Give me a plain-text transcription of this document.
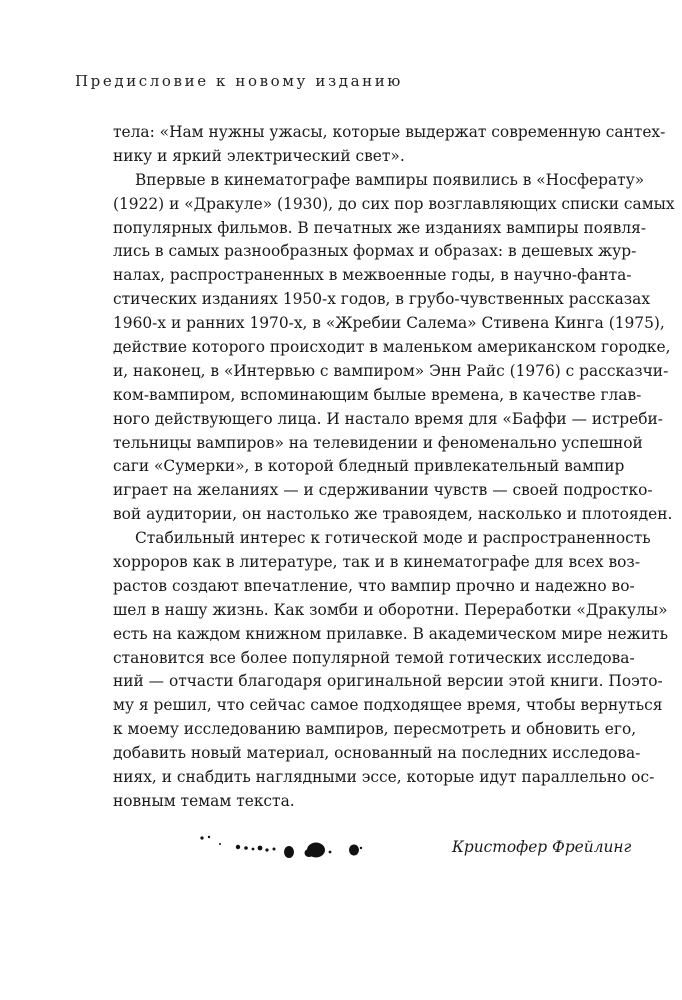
Предисловие к новому изданию
тела: «Нам нужны ужасы, которые выдержат современную сантех-
нику и яркий электрический свет».
Впервые в кинематографе вампиры появились в «Носферату»
(1922) и «Дракуле» (1930), до сих пор возглавляющих списки самых
популярных фильмов. В печатных же изданиях вампиры появля-
лись в самых разнообразных формах и образах: в дешевых жур-
налах, распространенных в межвоенные годы, в научно-фанта-
стических изданиях 1950-х годов, в грубо-чувственных рассказах
1960-х и ранних 1970-х, в «Жребии Салема» Стивена Кинга (1975),
действие которого происходит в маленьком американском городке,
и, наконец, в «Интервью с вампиром» Энн Райс (1976) с рассказчи-
ком-вампиром, вспоминающим былые времена, в качестве глав-
ного действующего лица. И настало время для «Баффи — истреби-
тельницы вампиров» на телевидении и феноменально успешной
саги «Сумерки», в которой бледный привлекательный вампир
играет на желаниях — и сдерживании чувств — своей подростко-
вой аудитории, он настолько же травоядем, насколько и плотояден.
Стабильный интерес к готической моде и распространенность
хорроров как в литературе, так и в кинематографе для всех воз-
растов создают впечатление, что вампир прочно и надежно во-
шел в нашу жизнь. Как зомби и оборотни. Переработки «Дракулы»
есть на каждом книжном прилавке. В академическом мире нежить
становится все более популярной темой готических исследова-
ний — отчасти благодаря оригинальной версии этой книги. Поэто-
му я решил, что сейчас самое подходящее время, чтобы вернуться
к моему исследованию вампиров, пересмотреть и обновить его,
добавить новый материал, основанный на последних исследова-
ниях, и снабдить наглядными эссе, которые идут параллельно ос-
новным темам текста.
Кристофер Фрейлинг
